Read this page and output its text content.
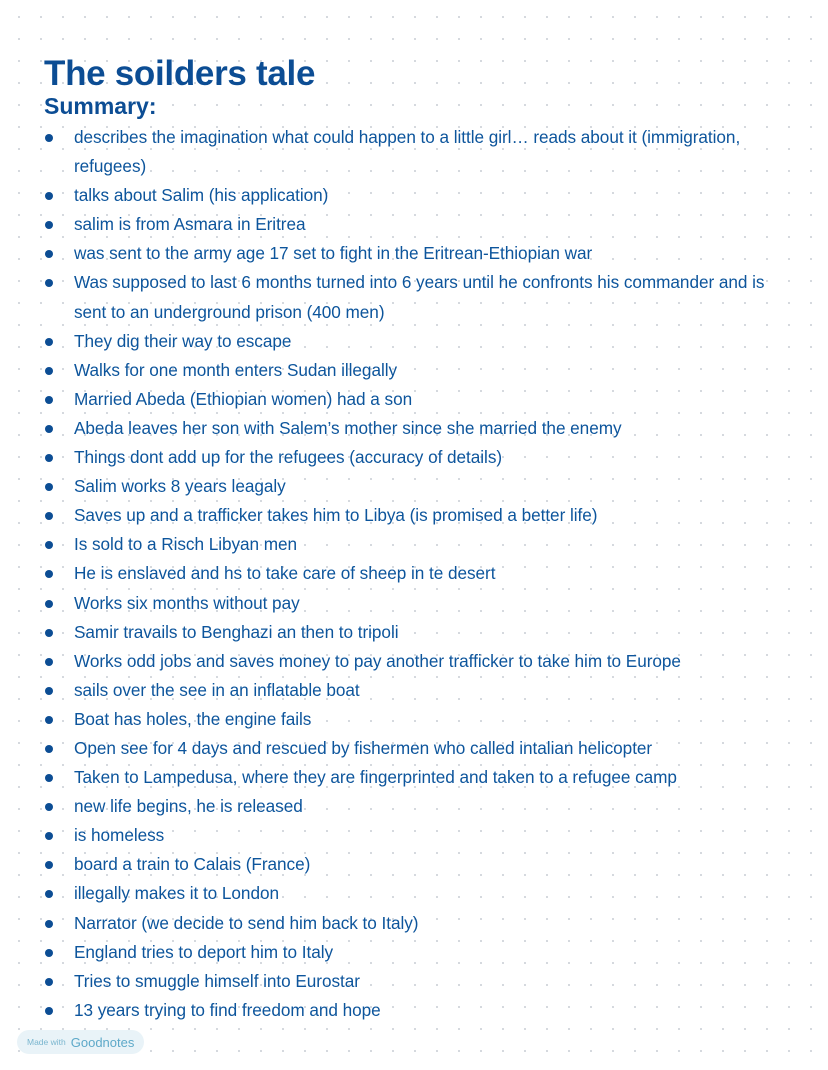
The soilders tale
Summary:
describes the imagination what could happen to a little girl… reads about it (immigration, refugees)
talks about Salim (his application)
salim is from Asmara in Eritrea
was sent to the army age 17 set to fight in the Eritrean-Ethiopian war
Was supposed to last 6 months turned into 6 years until he confronts his commander and is sent to an underground prison (400 men)
They dig their way to escape
Walks for one month enters Sudan illegally
Married Abeda (Ethiopian women) had a son
Abeda leaves her son with Salem’s mother since she married the enemy
Things dont add up for the refugees (accuracy of details)
Salim works 8 years leagaly
Saves up and a trafficker takes him to Libya (is promised a better life)
Is sold to a Risch Libyan men
He is enslaved and hs to take care of sheep in te desert
Works six months without pay
Samir travails to Benghazi an then to tripoli
Works odd jobs and saves money to pay another trafficker to take him to Europe
sails over the see in an inflatable boat
Boat has holes, the engine fails
Open see for 4 days and rescued by fishermen who called intalian helicopter
Taken to Lampedusa, where they are fingerprinted and taken to a refugee camp
new life begins, he is released
is homeless
board a train to Calais (France)
illegally makes it to London
Narrator (we decide to send him back to Italy)
England tries to deport him to Italy
Tries to smuggle himself into Eurostar
13 years trying to find freedom and hope
Made with Goodnotes
